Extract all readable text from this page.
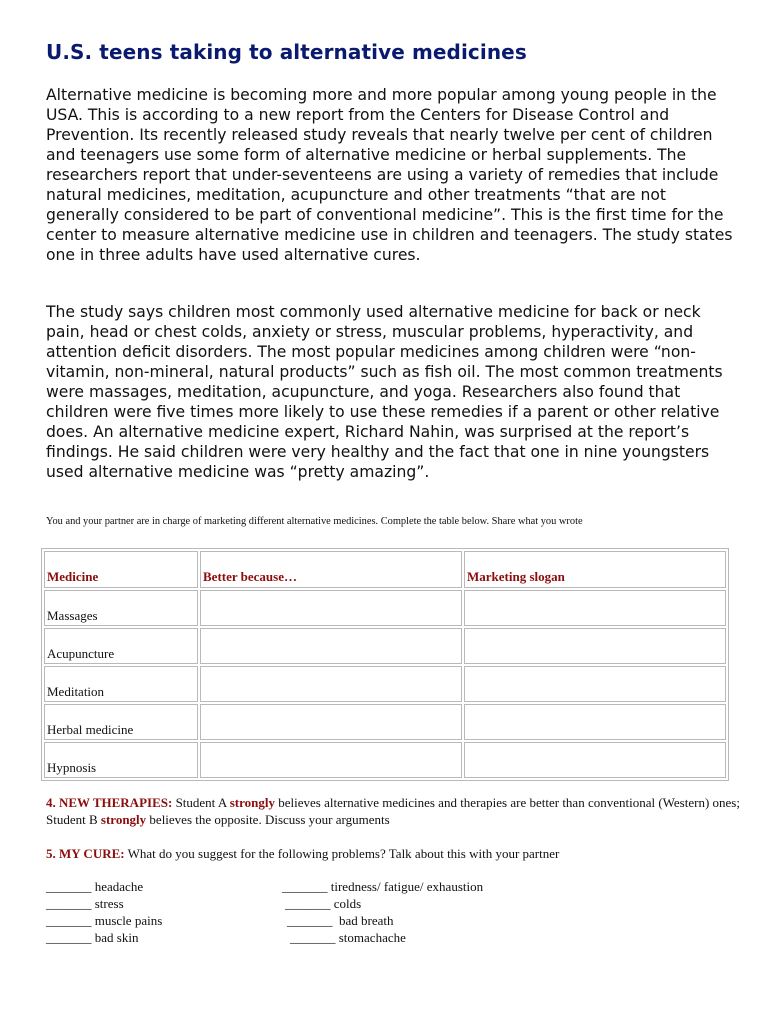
U.S. teens taking to alternative medicines

Alternative medicine is becoming more and more popular among young people in the USA. This is according to a new report from the Centers for Disease Control and Prevention. Its recently released study reveals that nearly twelve per cent of children and teenagers use some form of alternative medicine or herbal supplements. The researchers report that under-seventeens are using a variety of remedies that include natural medicines, meditation, acupuncture and other treatments “that are not generally considered to be part of conventional medicine”. This is the first time for the center to measure alternative medicine use in children and teenagers. The study states one in three adults have used alternative cures.

The study says children most commonly used alternative medicine for back or neck pain, head or chest colds, anxiety or stress, muscular problems, hyperactivity, and attention deficit disorders. The most popular medicines among children were “non-vitamin, non-mineral, natural products” such as fish oil. The most common treatments were massages, meditation, acupuncture, and yoga. Researchers also found that children were five times more likely to use these remedies if a parent or other relative does. An alternative medicine expert, Richard Nahin, was surprised at the report’s findings. He said children were very healthy and the fact that one in nine youngsters used alternative medicine was “pretty amazing”.

You and your partner are in charge of marketing different alternative medicines. Complete the table below. Share what you wrote

Medicine	Better because…	Marketing slogan
Massages		
Acupuncture		
Meditation		
Herbal medicine		
Hypnosis		

4. NEW THERAPIES: Student A strongly believes alternative medicines and therapies are better than conventional (Western) ones; Student B strongly believes the opposite. Discuss your arguments

5. MY CURE: What do you suggest for the following problems? Talk about this with your partner

_______ headache
_______ stress
_______ muscle pains
_______ bad skin
_______ tiredness/ fatigue/ exhaustion
_______ colds
_______  bad breath
_______ stomachache
